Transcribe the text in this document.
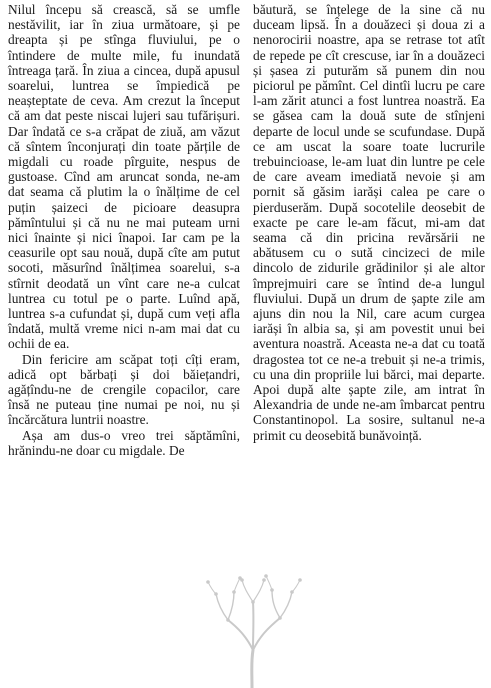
Nilul începu să crească, să se umfle nestăvilit, iar în ziua următoare, și pe dreapta și pe stînga fluviului, pe o întindere de multe mile, fu inundată întreaga țară. În ziua a cincea, după apusul soarelui, luntrea se împiedică pe neașteptate de ceva. Am crezut la început că am dat peste niscai lujeri sau tufărișuri. Dar îndată ce s-a crăpat de ziuă, am văzut că sîntem înconjurați din toate părțile de migdali cu roade pîrguite, nespus de gustoase. Cînd am aruncat sonda, ne-am dat seama că plutim la o înălțime de cel puțin șaizeci de picioare deasupra pămîntului și că nu ne mai puteam urni nici înainte și nici înapoi. Iar cam pe la ceasurile opt sau nouă, după cîte am putut socoti, măsurînd înălțimea soarelui, s-a stîrnit deodată un vînt care ne-a culcat luntrea cu totul pe o parte. Luînd apă, luntrea s-a cufundat și, după cum veți afla îndată, multă vreme nici n-am mai dat cu ochii de ea.

Din fericire am scăpat toți cîți eram, adică opt bărbați și doi băiețandri, agățîndu-ne de crengile copacilor, care însă ne puteau ține numai pe noi, nu și încărcătura luntrii noastre.

Așa am dus-o vreo trei săptămîni, hrănindu-ne doar cu migdale. De

băutură, se înțelege de la sine că nu duceam lipsă. În a douăzeci și doua zi a nenorocirii noastre, apa se retrase tot atît de repede pe cît crescuse, iar în a douăzeci și șasea zi puturăm să punem din nou piciorul pe pămînt. Cel dintîi lucru pe care l-am zărit atunci a fost luntrea noastră. Ea se găsea cam la două sute de stînjeni departe de locul unde se scufundase. După ce am uscat la soare toate lucrurile trebuincioase, le-am luat din luntre pe cele de care aveam imediată nevoie și am pornit să găsim iarăși calea pe care o pierduserăm. După socotelile deosebit de exacte pe care le-am făcut, mi-am dat seama că din pricina revărsării ne abătusem cu o sută cincizeci de mile dincolo de zidurile grădinilor și ale altor împrejmuiri care se întind de-a lungul fluviului. După un drum de șapte zile am ajuns din nou la Nil, care acum curgea iarăși în albia sa, și am povestit unui bei aventura noastră. Aceasta ne-a dat cu toată dragostea tot ce ne-a trebuit și ne-a trimis, cu una din propriile lui bărci, mai departe. Apoi după alte șapte zile, am intrat în Alexandria de unde ne-am îmbarcat pentru Constantinopol. La sosire, sultanul ne-a primit cu deosebită bunăvoință.
